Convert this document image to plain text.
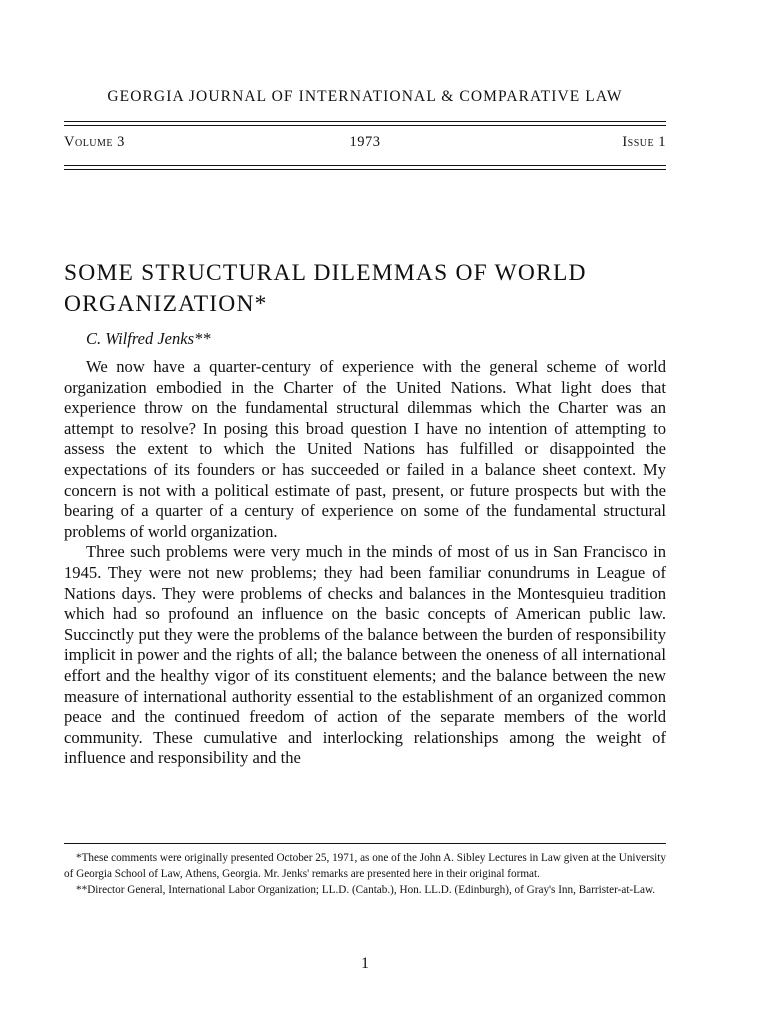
GEORGIA JOURNAL OF INTERNATIONAL & COMPARATIVE LAW
Volume 3	1973	Issue 1
SOME STRUCTURAL DILEMMAS OF WORLD ORGANIZATION*
C. Wilfred Jenks**

We now have a quarter-century of experience with the general scheme of world organization embodied in the Charter of the United Nations. What light does that experience throw on the fundamental structural dilemmas which the Charter was an attempt to resolve? In posing this broad question I have no intention of attempting to assess the extent to which the United Nations has fulfilled or disappointed the expectations of its founders or has succeeded or failed in a balance sheet context. My concern is not with a political estimate of past, present, or future prospects but with the bearing of a quarter of a century of experience on some of the fundamental structural problems of world organization.

Three such problems were very much in the minds of most of us in San Francisco in 1945. They were not new problems; they had been familiar conundrums in League of Nations days. They were problems of checks and balances in the Montesquieu tradition which had so profound an influence on the basic concepts of American public law. Succinctly put they were the problems of the balance between the burden of responsibility implicit in power and the rights of all; the balance between the oneness of all international effort and the healthy vigor of its constituent elements; and the balance between the new measure of international authority essential to the establishment of an organized common peace and the continued freedom of action of the separate members of the world community. These cumulative and interlocking relationships among the weight of influence and responsibility and the

*These comments were originally presented October 25, 1971, as one of the John A. Sibley Lectures in Law given at the University of Georgia School of Law, Athens, Georgia. Mr. Jenks' remarks are presented here in their original format.

**Director General, International Labor Organization; LL.D. (Cantab.), Hon. LL.D. (Edinburgh), of Gray's Inn, Barrister-at-Law.

1
